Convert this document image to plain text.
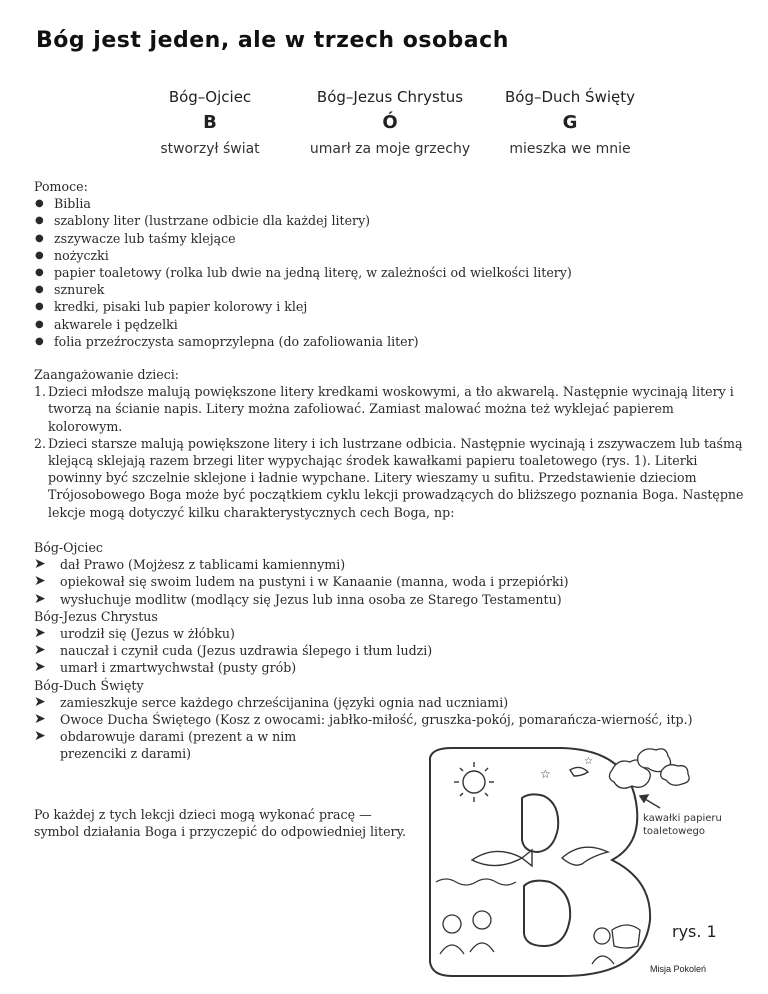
Bóg jest jeden, ale w trzech osobach
Bóg–Ojciec
B
stworzył świat
Bóg–Jezus Chrystus
Ó
umarł za moje grzechy
Bóg–Duch Święty
G
mieszka we mnie
Pomoce:
● Biblia
● szablony liter (lustrzane odbicie dla każdej litery)
● zszywacze lub taśmy klejące
● nożyczki
● papier toaletowy (rolka lub dwie na jedną literę, w zależności od wielkości litery)
● sznurek
● kredki, pisaki lub papier kolorowy i klej
● akwarele i pędzelki
● folia przeźroczysta samoprzylepna (do zafoliowania liter)
Zaangażowanie dzieci:
1. Dzieci młodsze malują powiększone litery kredkami woskowymi, a tło akwarelą. Następnie wycinają litery i tworzą na ścianie napis. Litery można zafoliować. Zamiast malować można też wyklejać papierem kolorowym.
2. Dzieci starsze malują powiększone litery i ich lustrzane odbicia. Następnie wycinają i zszywaczem lub taśmą klejącą sklejają razem brzegi liter wypychając środek kawałkami papieru toaletowego (rys. 1). Literki powinny być szczelnie sklejone i ładnie wypchane. Litery wieszamy u sufitu. Przedstawienie dzieciom Trójosobowego Boga może być początkiem cyklu lekcji prowadzących do bliższego poznania Boga. Następne lekcje mogą dotyczyć kilku charakterystycznych cech Boga, np:
Bóg-Ojciec
➤ dał Prawo (Mojżesz z tablicami kamiennymi)
➤ opiekował się swoim ludem na pustyni i w Kanaanie (manna, woda i przepiórki)
➤ wysłuchuje modlitw (modlący się Jezus lub inna osoba ze Starego Testamentu)
Bóg-Jezus Chrystus
➤ urodził się (Jezus w żłóbku)
➤ nauczał i czynił cuda (Jezus uzdrawia ślepego i tłum ludzi)
➤ umarł i zmartwychwstał (pusty grób)
Bóg-Duch Święty
➤ zamieszkuje serce każdego chrześcijanina (języki ognia nad uczniami)
➤ Owoce Ducha Świętego (Kosz z owocami: jabłko-miłość, gruszka-pokój, pomarańcza-wierność, itp.)
➤ obdarowuje darami (prezent a w nim prezenciki z darami)
Po każdej z tych lekcji dzieci mogą wykonać pracę — symbol działania Boga i przyczepić do odpowiedniej litery.
☆
☆
kawałki papieru
toaletowego
rys. 1
Misja Pokoleń
